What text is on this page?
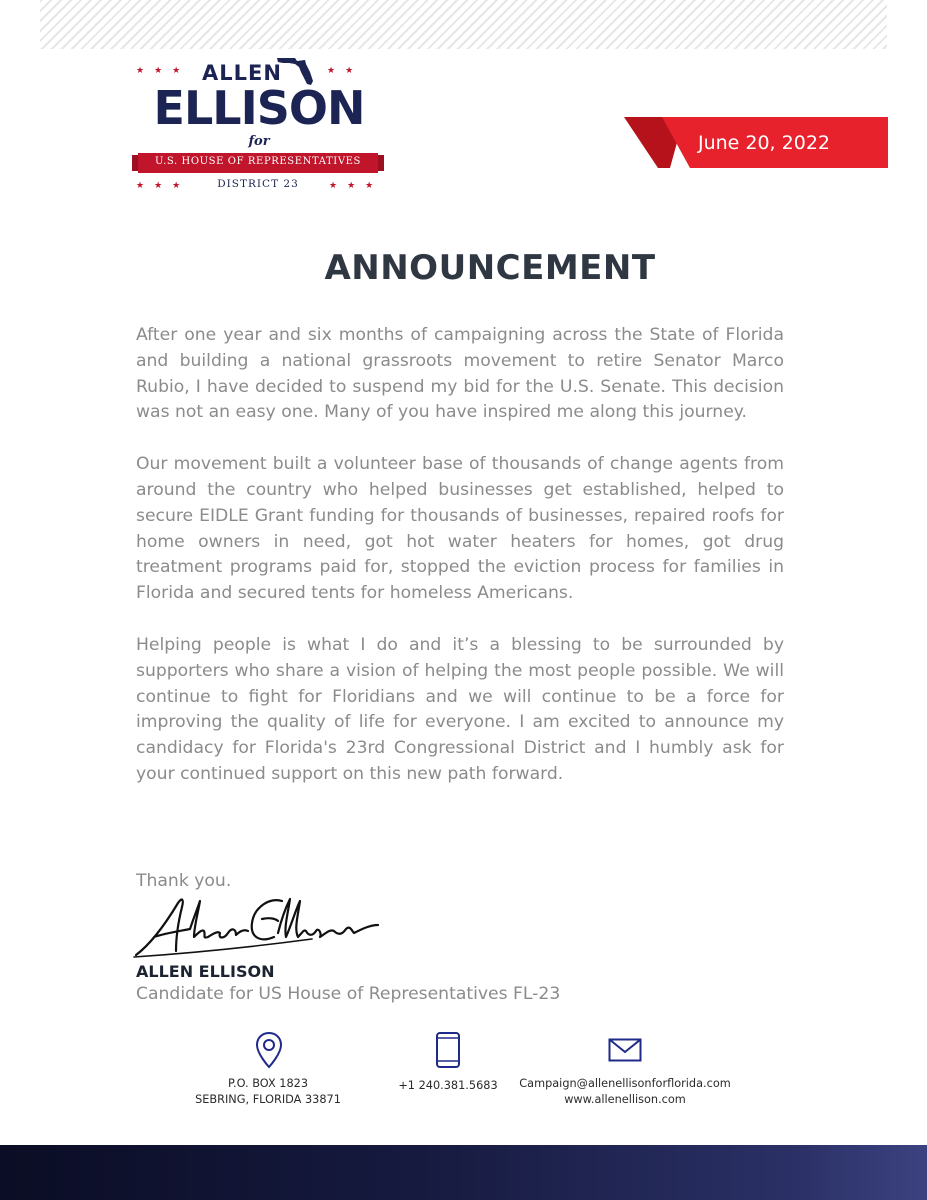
★★★ ALLEN	★★
ELLISON
for
U.S. HOUSE OF REPRESENTATIVES
★★★	DISTRICT 23	★★★
June 20, 2022
ANNOUNCEMENT

After one year and six months of campaigning across the State of Florida and building a national grassroots movement to retire Senator Marco Rubio, I have decided to suspend my bid for the U.S. Senate. This decision was not an easy one. Many of you have inspired me along this journey.

Our movement built a volunteer base of thousands of change agents from around the country who helped businesses get established, helped to secure EIDLE Grant funding for thousands of businesses, repaired roofs for home owners in need, got hot water heaters for homes, got drug treatment programs paid for, stopped the eviction process for families in Florida and secured tents for homeless Americans.

Helping people is what I do and it’s a blessing to be surrounded by supporters who share a vision of helping the most people possible. We will continue to fight for Floridians and we will continue to be a force for improving the quality of life for everyone. I am excited to announce my candidacy for Florida's 23rd Congressional District and I humbly ask for your continued support on this new path forward.

Thank you.
ALLEN ELLISON
Candidate for US House of Representatives FL-23
P.O. BOX 1823
SEBRING, FLORIDA 33871
+1 240.381.5683	Campaign@allenellisonforflorida.com
www.allenellison.com
